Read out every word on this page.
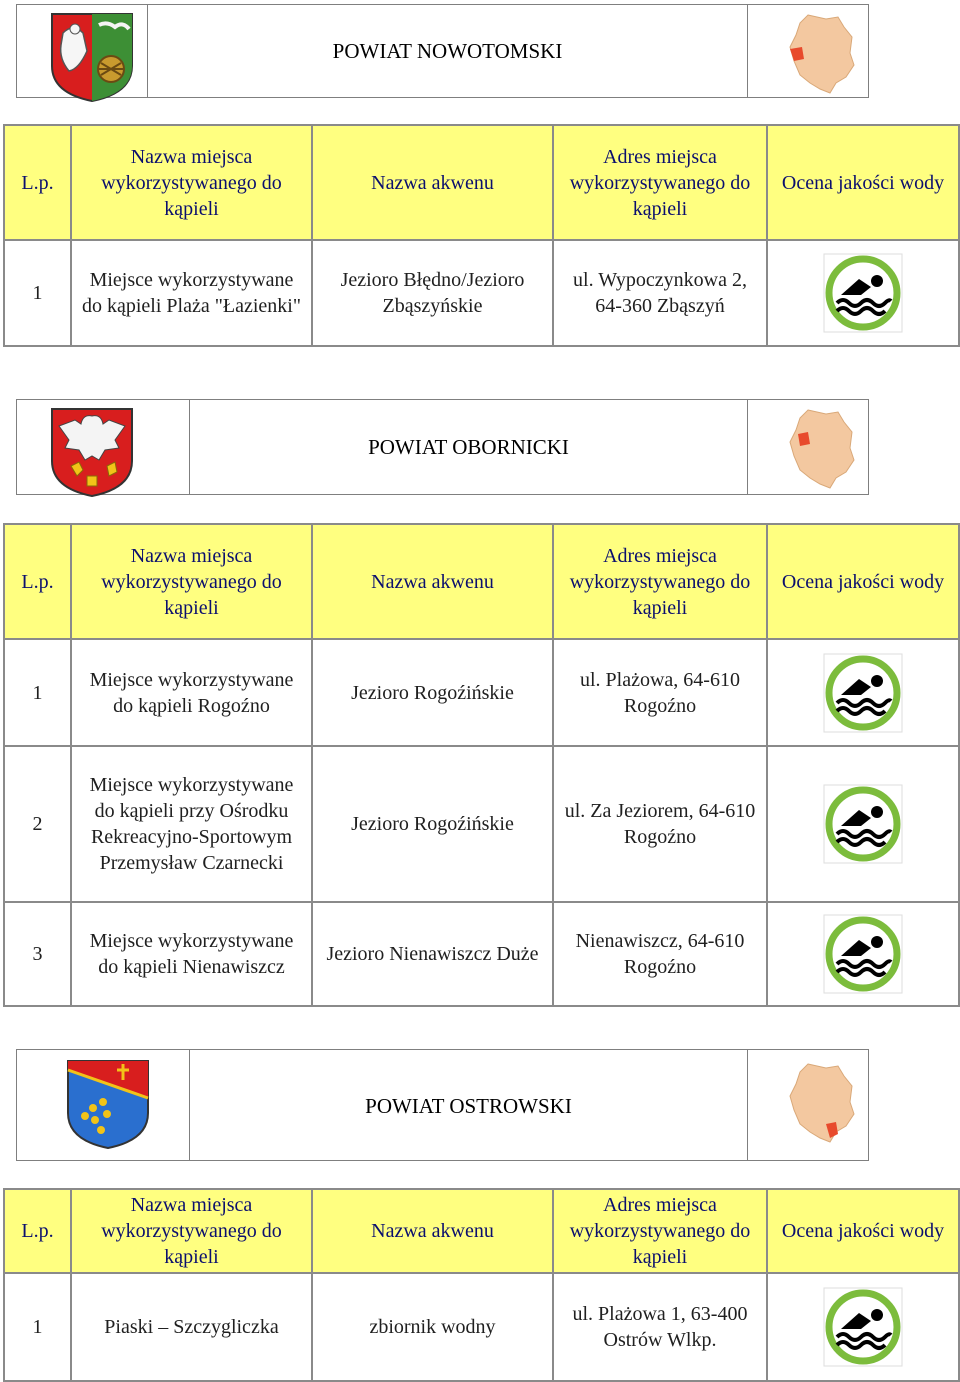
POWIAT NOWOTOMSKI
L.p.	Nazwa miejsca wykorzystywanego do kąpieli	Nazwa akwenu	Adres miejsca wykorzystywanego do kąpieli	Ocena jakości wody
1	Miejsce wykorzystywane do kąpieli Plaża "Łazienki"	Jezioro Błędno/Jezioro Zbąszyńskie	ul. Wypoczynkowa 2, 64-360 Zbąszyń	
POWIAT OBORNICKI
L.p.	Nazwa miejsca wykorzystywanego do kąpieli	Nazwa akwenu	Adres miejsca wykorzystywanego do kąpieli	Ocena jakości wody
1	Miejsce wykorzystywane do kąpieli Rogoźno	Jezioro Rogoźińskie	ul. Plażowa, 64-610 Rogoźno	
2	Miejsce wykorzystywane do kąpieli przy Ośrodku Rekreacyjno-Sportowym Przemysław Czarnecki	Jezioro Rogoźińskie	ul. Za Jeziorem, 64-610 Rogoźno	
3	Miejsce wykorzystywane do kąpieli Nienawiszcz	Jezioro Nienawiszcz Duże	Nienawiszcz, 64-610 Rogoźno	
POWIAT OSTROWSKI
L.p.	Nazwa miejsca wykorzystywanego do kąpieli	Nazwa akwenu	Adres miejsca wykorzystywanego do kąpieli	Ocena jakości wody
1	Piaski – Szczygliczka	zbiornik wodny	ul. Plażowa 1, 63-400 Ostrów Wlkp.	
